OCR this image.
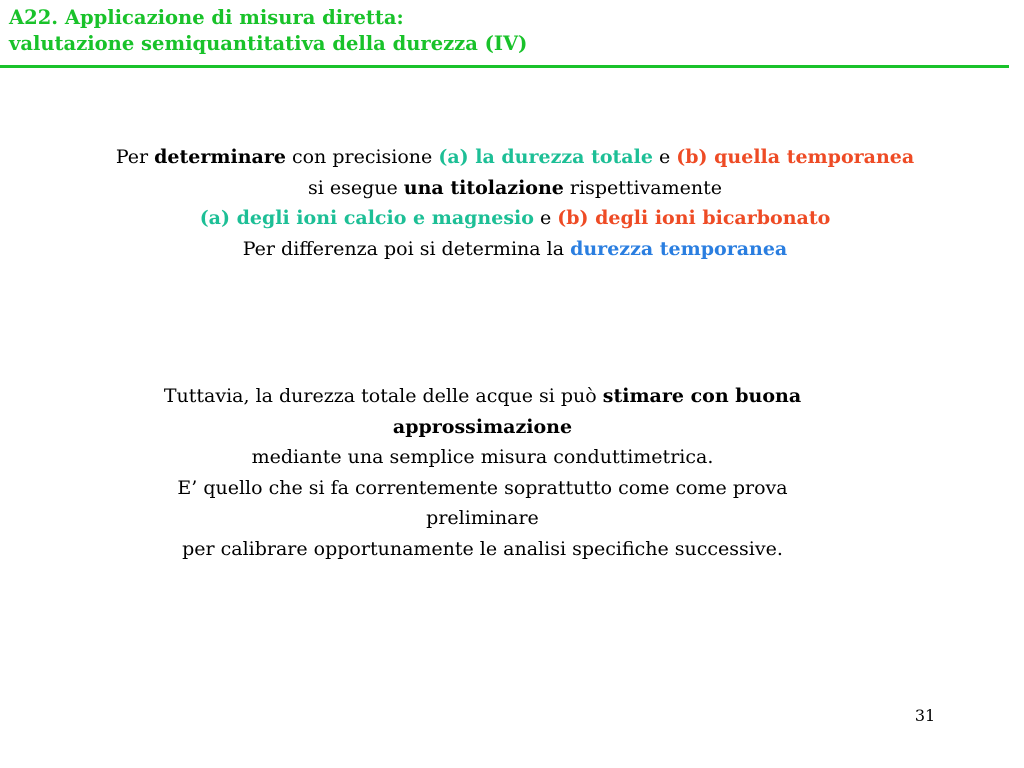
A22. Applicazione di misura diretta:
valutazione semiquantitativa della durezza (IV)
Per determinare con precisione (a) la durezza totale e (b) quella temporanea
si esegue una titolazione rispettivamente
(a) degli ioni calcio e magnesio e (b) degli ioni bicarbonato
Per differenza poi si determina la durezza temporanea
Tuttavia, la durezza totale delle acque si può stimare con buona approssimazione
mediante una semplice misura conduttimetrica.
E’ quello che si fa correntemente soprattutto come come prova preliminare
per calibrare opportunamente le analisi specifiche successive.
31
